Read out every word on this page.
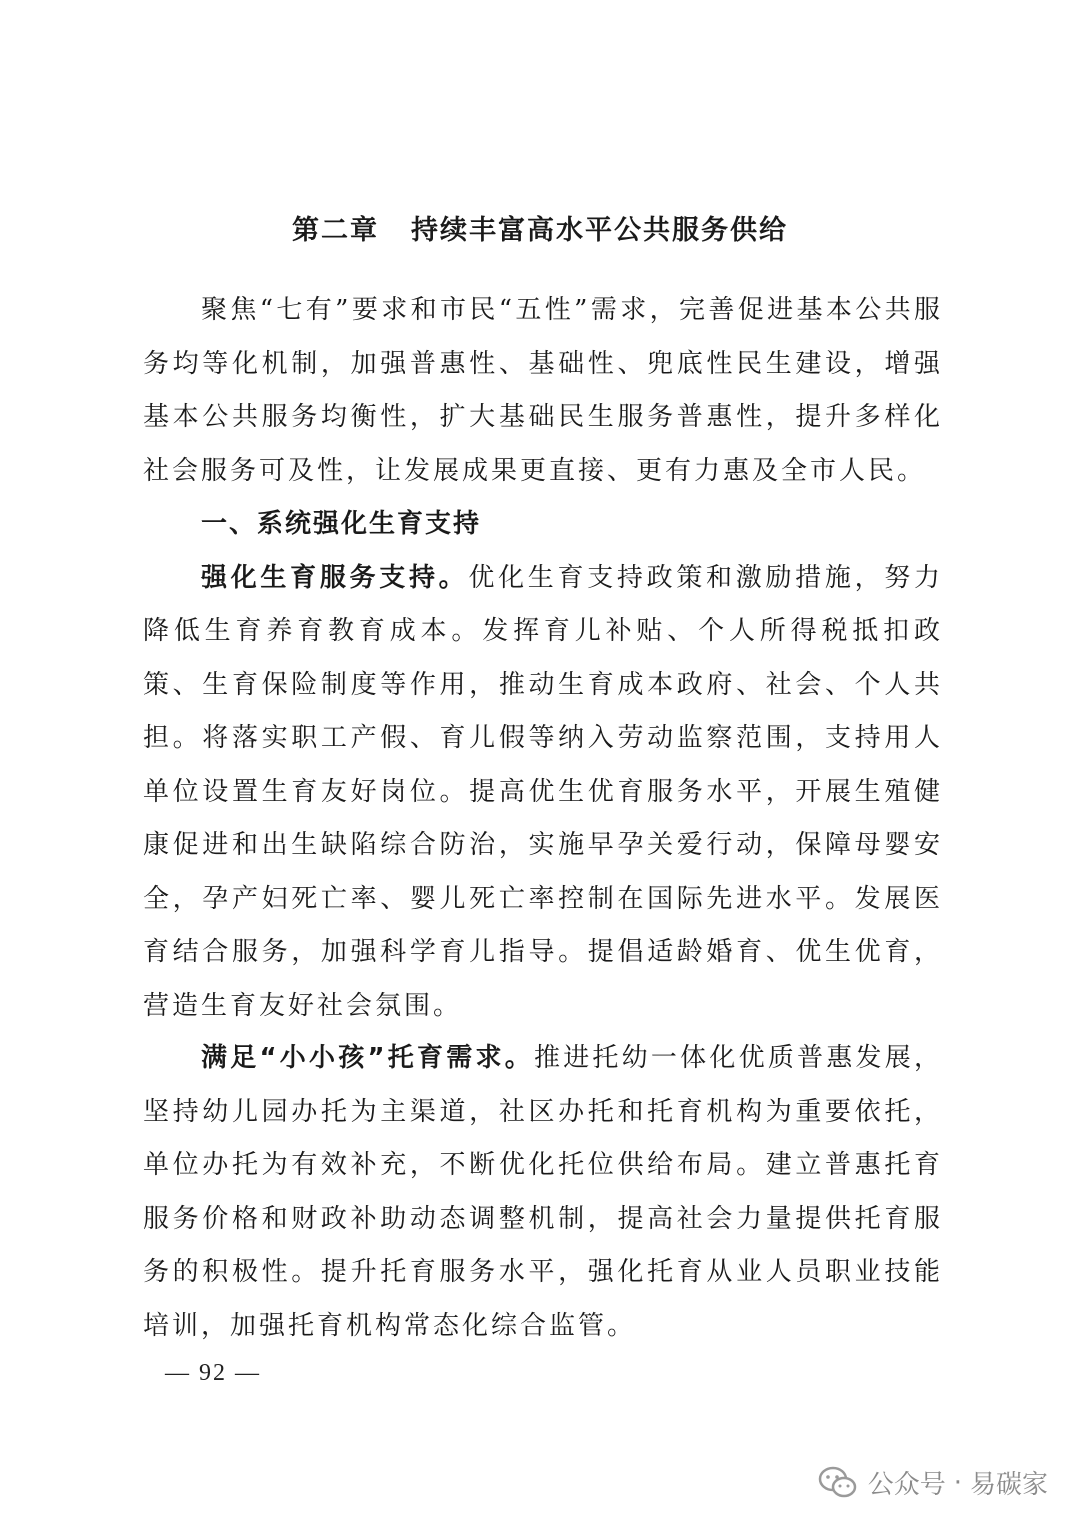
第二章 持续丰富高水平公共服务供给

聚焦“七有”要求和市民“五性”需求，完善促进基本公共服务均等化机制，加强普惠性、基础性、兜底性民生建设，增强基本公共服务均衡性，扩大基础民生服务普惠性，提升多样化社会服务可及性，让发展成果更直接、更有力惠及全市人民。

一、系统强化生育支持

强化生育服务支持。优化生育支持政策和激励措施，努力降低生育养育教育成本。发挥育儿补贴、个人所得税抵扣政策、生育保险制度等作用，推动生育成本政府、社会、个人共担。将落实职工产假、育儿假等纳入劳动监察范围，支持用人单位设置生育友好岗位。提高优生优育服务水平，开展生殖健康促进和出生缺陷综合防治，实施早孕关爱行动，保障母婴安全，孕产妇死亡率、婴儿死亡率控制在国际先进水平。发展医育结合服务，加强科学育儿指导。提倡适龄婚育、优生优育，营造生育友好社会氛围。

满足“小小孩”托育需求。推进托幼一体化优质普惠发展，坚持幼儿园办托为主渠道，社区办托和托育机构为重要依托，单位办托为有效补充，不断优化托位供给布局。建立普惠托育服务价格和财政补助动态调整机制，提高社会力量提供托育服务的积极性。提升托育服务水平，强化托育从业人员职业技能培训，加强托育机构常态化综合监管。

— 92 —
公众号 · 易碳家
